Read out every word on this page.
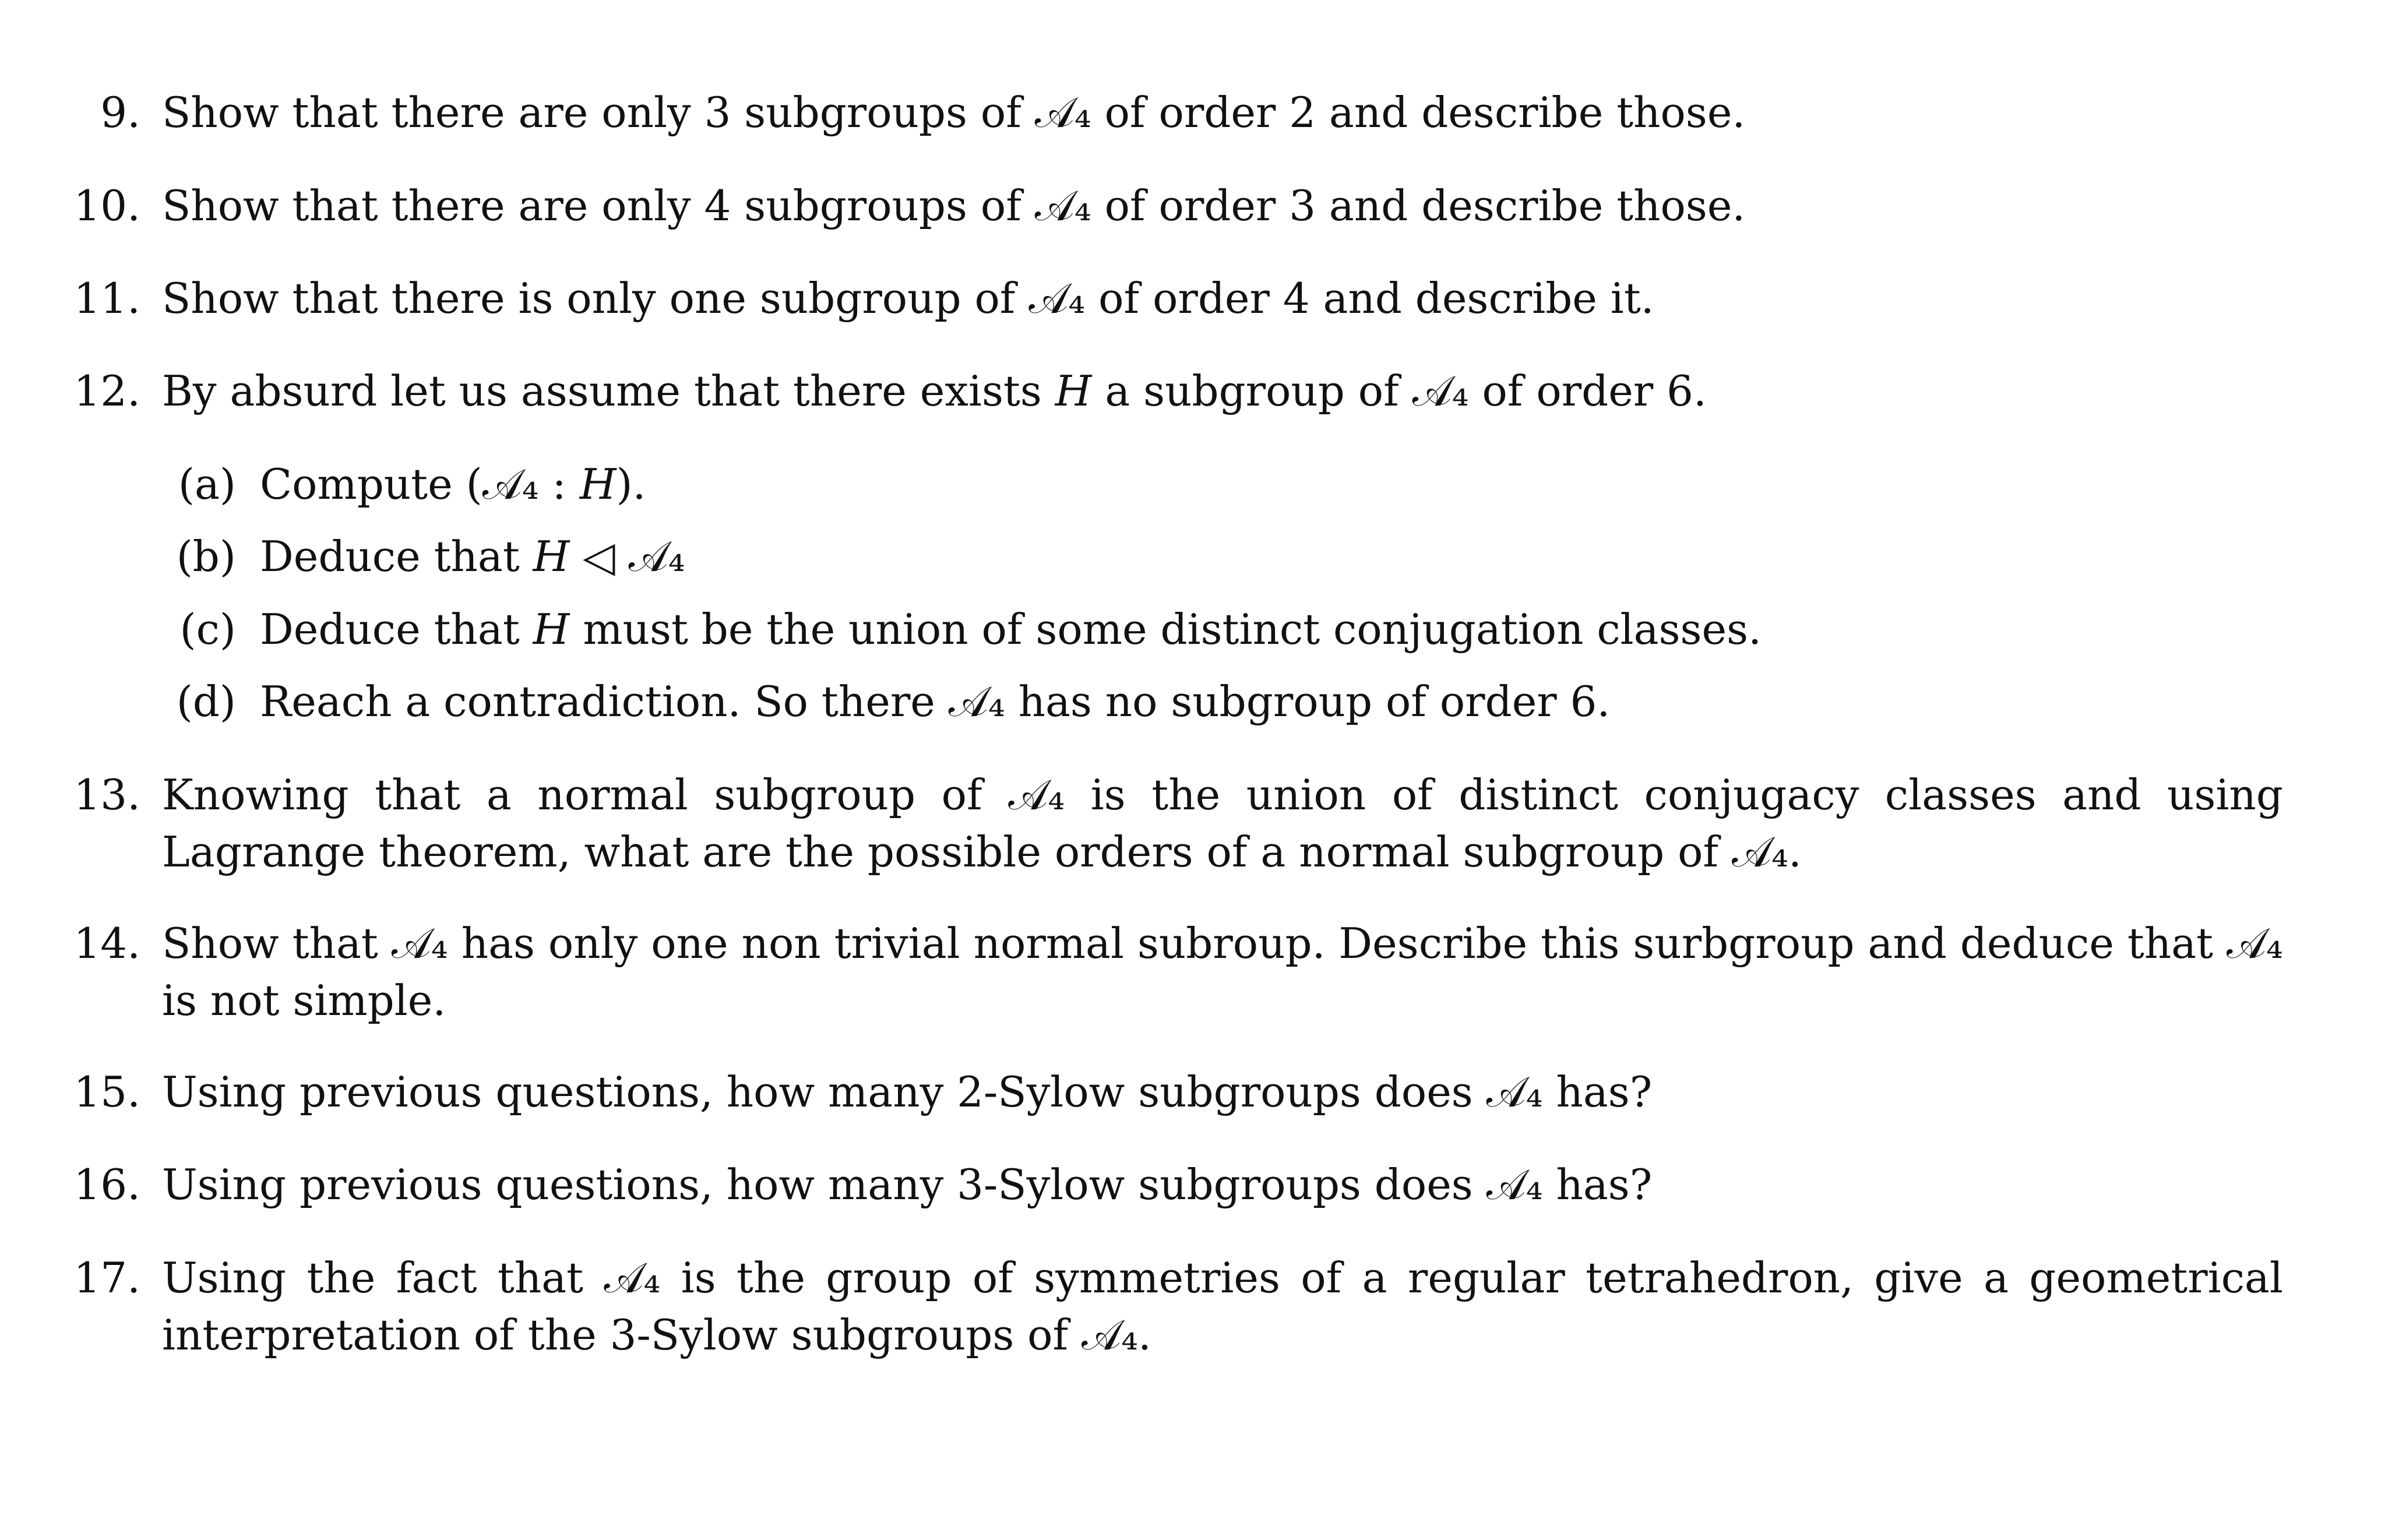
9. Show that there are only 3 subgroups of 𝒜₄ of order 2 and describe those.
10. Show that there are only 4 subgroups of 𝒜₄ of order 3 and describe those.
11. Show that there is only one subgroup of 𝒜₄ of order 4 and describe it.
12. By absurd let us assume that there exists 𝐻 a subgroup of 𝒜₄ of order 6.
(a) Compute (𝒜₄ : 𝐻).
(b) Deduce that 𝐻 ◁ 𝒜₄
(c) Deduce that 𝐻 must be the union of some distinct conjugation classes.
(d) Reach a contradiction. So there 𝒜₄ has no subgroup of order 6.
13. Knowing that a normal subgroup of 𝒜₄ is the union of distinct conjugacy classes and using Lagrange theorem, what are the possible orders of a normal subgroup of 𝒜₄.
14. Show that 𝒜₄ has only one non trivial normal subroup. Describe this surbgroup and deduce that 𝒜₄ is not simple.
15. Using previous questions, how many 2-Sylow subgroups does 𝒜₄ has?
16. Using previous questions, how many 3-Sylow subgroups does 𝒜₄ has?
17. Using the fact that 𝒜₄ is the group of symmetries of a regular tetrahedron, give a geometrical interpretation of the 3-Sylow subgroups of 𝒜₄.
